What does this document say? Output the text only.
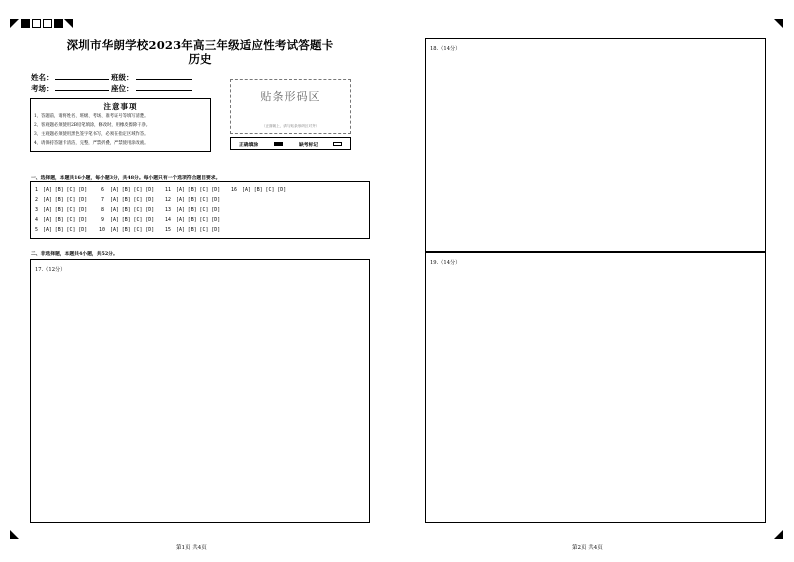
深圳市华朗学校2023年高三年级适应性考试答题卡
历史
姓名：	班级：
考场：	座位：
注意事项
1、答题前，请将姓名、班级、考场、准考证号等填写清楚。
2、客观题必须使用2B铅笔填涂，修改时，用橡皮擦除干净。
3、主观题必须使用黑色签字笔书写，必须在指定区域作答。
4、请保持答题卡清洁，完整，严禁折叠，严禁使用涂改液。
贴条形码区
（正面朝上，请与贴条形码区对齐）
正确填涂	缺考标记
一、选择题，本题共16小题，每小题3分，共48分。每小题只有一个选项符合题目要求。
1 [A] [B] [C] [D]
2 [A] [B] [C] [D]
3 [A] [B] [C] [D]
4 [A] [B] [C] [D]
5 [A] [B] [C] [D]
6 [A] [B] [C] [D]
7 [A] [B] [C] [D]
8 [A] [B] [C] [D]
9 [A] [B] [C] [D]
10 [A] [B] [C] [D]
11 [A] [B] [C] [D]
12 [A] [B] [C] [D]
13 [A] [B] [C] [D]
14 [A] [B] [C] [D]
15 [A] [B] [C] [D]
16 [A] [B] [C] [D]
二、非选择题，本题共4小题，共52分。
17.（12分）
18.（14分）
19.（14分）
第1页 共4页	第2页 共4页
